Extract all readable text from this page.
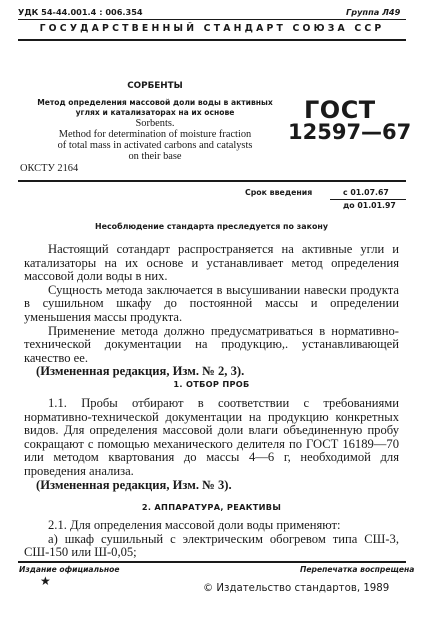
УДК 54-44.001.4 : 006.354	Группа Л49
ГОСУДАРСТВЕННЫЙ СТАНДАРТ СОЮЗА ССР
СОРБЕНТЫ
Метод определения массовой доли воды в активных
углях и катализаторах на их основе
Sorbents.
Method for determination of moisture fraction
of total mass in activated carbons and catalysts
on their base
ГОСТ
12597—67
ОКСТУ 2164
Срок введения	с 01.07.67
до 01.01.97
Несоблюдение стандарта преследуется по закону

Настоящий сотандарт распространяется на активные угли и катализаторы на их основе и устанавливает метод определения массовой доли воды в них.

Сущность метода заключается в высушивании навески продукта в сушильном шкафу до постоянной массы и определении уменьшения массы продукта.

Применение метода должно предусматриваться в нормативно-технической документации на продукцию,. устанавливающей качество ее.

(Измененная редакция, Изм. № 2, 3).

1. ОТБОР ПРОБ

1.1. Пробы отбирают в соответствии с требованиями нормативно-технической документации на продукцию конкретных видов. Для определения массовой доли влаги объединенную пробу сокращают с помощью механического делителя по ГОСТ 16189—70 или методом квартования до массы 4—6 г, необходимой для проведения анализа.

(Измененная редакция, Изм. № 3).

2. АППАРАТУРА, РЕАКТИВЫ

2.1. Для определения массовой доли воды применяют:

а) шкаф сушильный с электрическим обогревом типа СШ-3, СШ-150 или Ш-0,05;

Издание официальное	Перепечатка воспрещена
★
© Издательство стандартов, 1989
